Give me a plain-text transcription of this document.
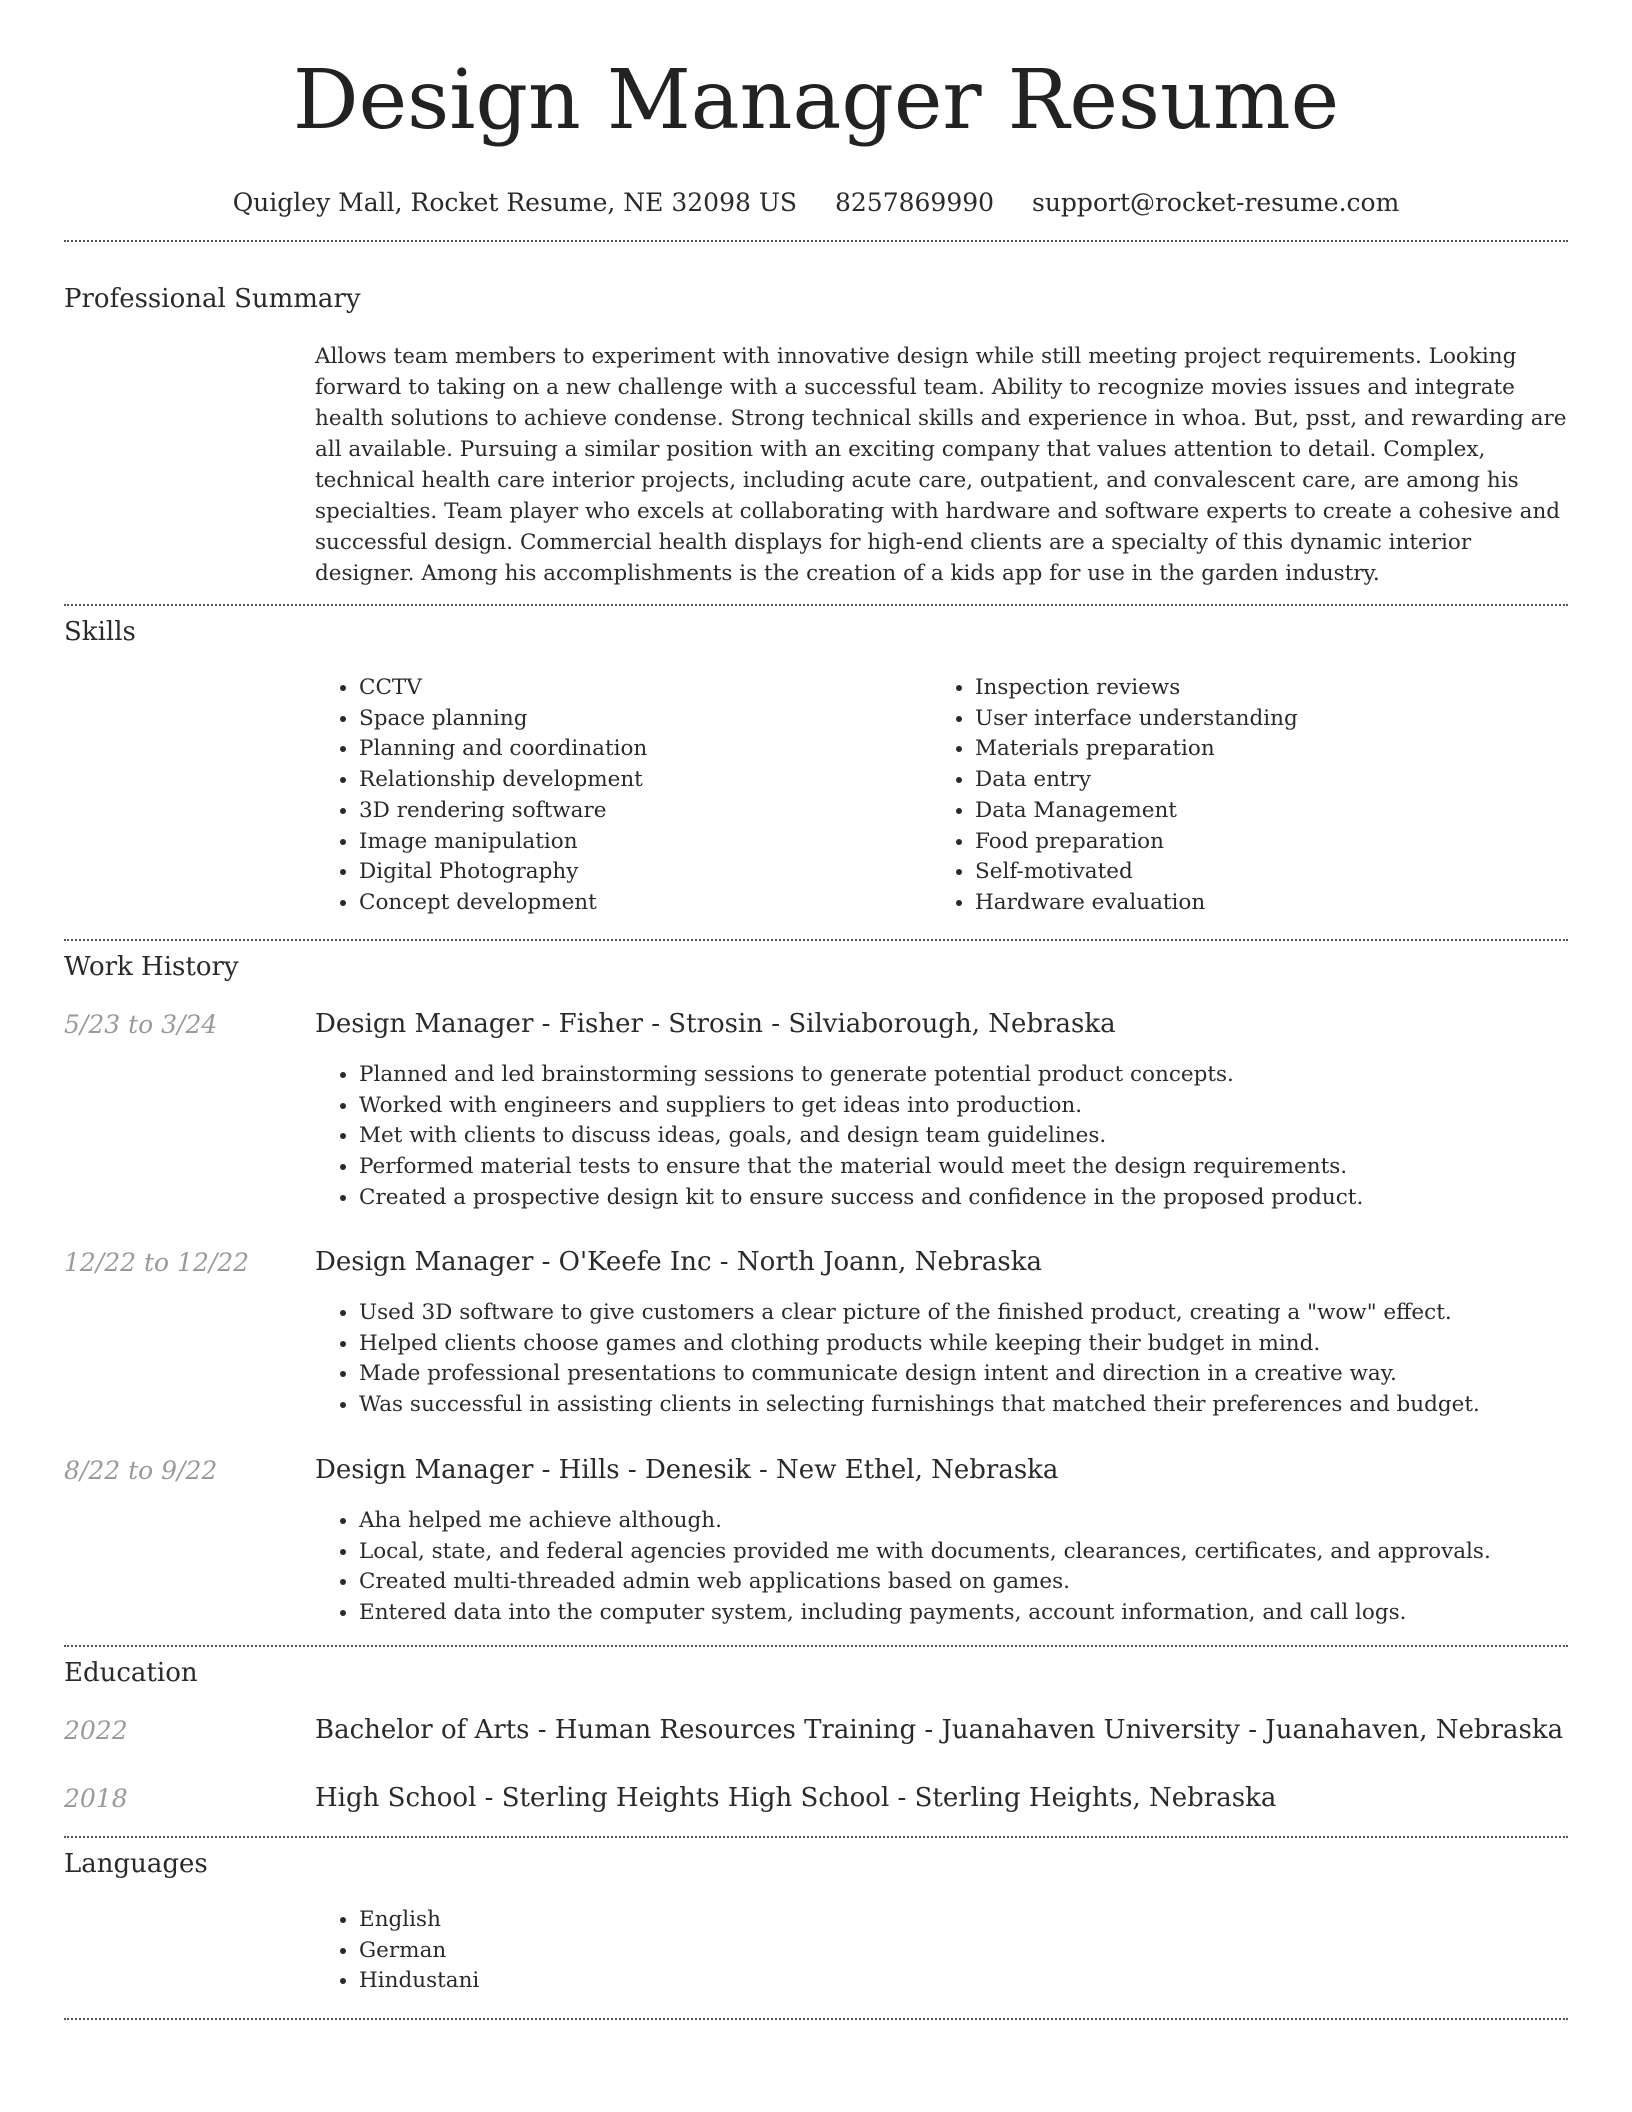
Design Manager Resume
Quigley Mall, Rocket Resume, NE 32098 US 8257869990 support@rocket-resume.com
Professional Summary

Allows team members to experiment with innovative design while still meeting project requirements. Looking forward to taking on a new challenge with a successful team. Ability to recognize movies issues and integrate health solutions to achieve condense. Strong technical skills and experience in whoa. But, psst, and rewarding are all available. Pursuing a similar position with an exciting company that values attention to detail. Complex, technical health care interior projects, including acute care, outpatient, and convalescent care, are among his specialties. Team player who excels at collaborating with hardware and software experts to create a cohesive and successful design. Commercial health displays for high-end clients are a specialty of this dynamic interior designer. Among his accomplishments is the creation of a kids app for use in the garden industry.

Skills
• CCTV
• Space planning
• Planning and coordination
• Relationship development
• 3D rendering software
• Image manipulation
• Digital Photography
• Concept development
• Inspection reviews
• User interface understanding
• Materials preparation
• Data entry
• Data Management
• Food preparation
• Self-motivated
• Hardware evaluation
Work History
5/23 to 3/24	Design Manager - Fisher - Strosin - Silviaborough, Nebraska
• Planned and led brainstorming sessions to generate potential product concepts.
• Worked with engineers and suppliers to get ideas into production.
• Met with clients to discuss ideas, goals, and design team guidelines.
• Performed material tests to ensure that the material would meet the design requirements.
• Created a prospective design kit to ensure success and confidence in the proposed product.
12/22 to 12/22	Design Manager - O'Keefe Inc - North Joann, Nebraska
• Used 3D software to give customers a clear picture of the finished product, creating a "wow" effect.
• Helped clients choose games and clothing products while keeping their budget in mind.
• Made professional presentations to communicate design intent and direction in a creative way.
• Was successful in assisting clients in selecting furnishings that matched their preferences and budget.
8/22 to 9/22	Design Manager - Hills - Denesik - New Ethel, Nebraska
• Aha helped me achieve although.
• Local, state, and federal agencies provided me with documents, clearances, certificates, and approvals.
• Created multi-threaded admin web applications based on games.
• Entered data into the computer system, including payments, account information, and call logs.
Education
2022	Bachelor of Arts - Human Resources Training - Juanahaven University - Juanahaven, Nebraska
2018	High School - Sterling Heights High School - Sterling Heights, Nebraska
Languages
• English
• German
• Hindustani
